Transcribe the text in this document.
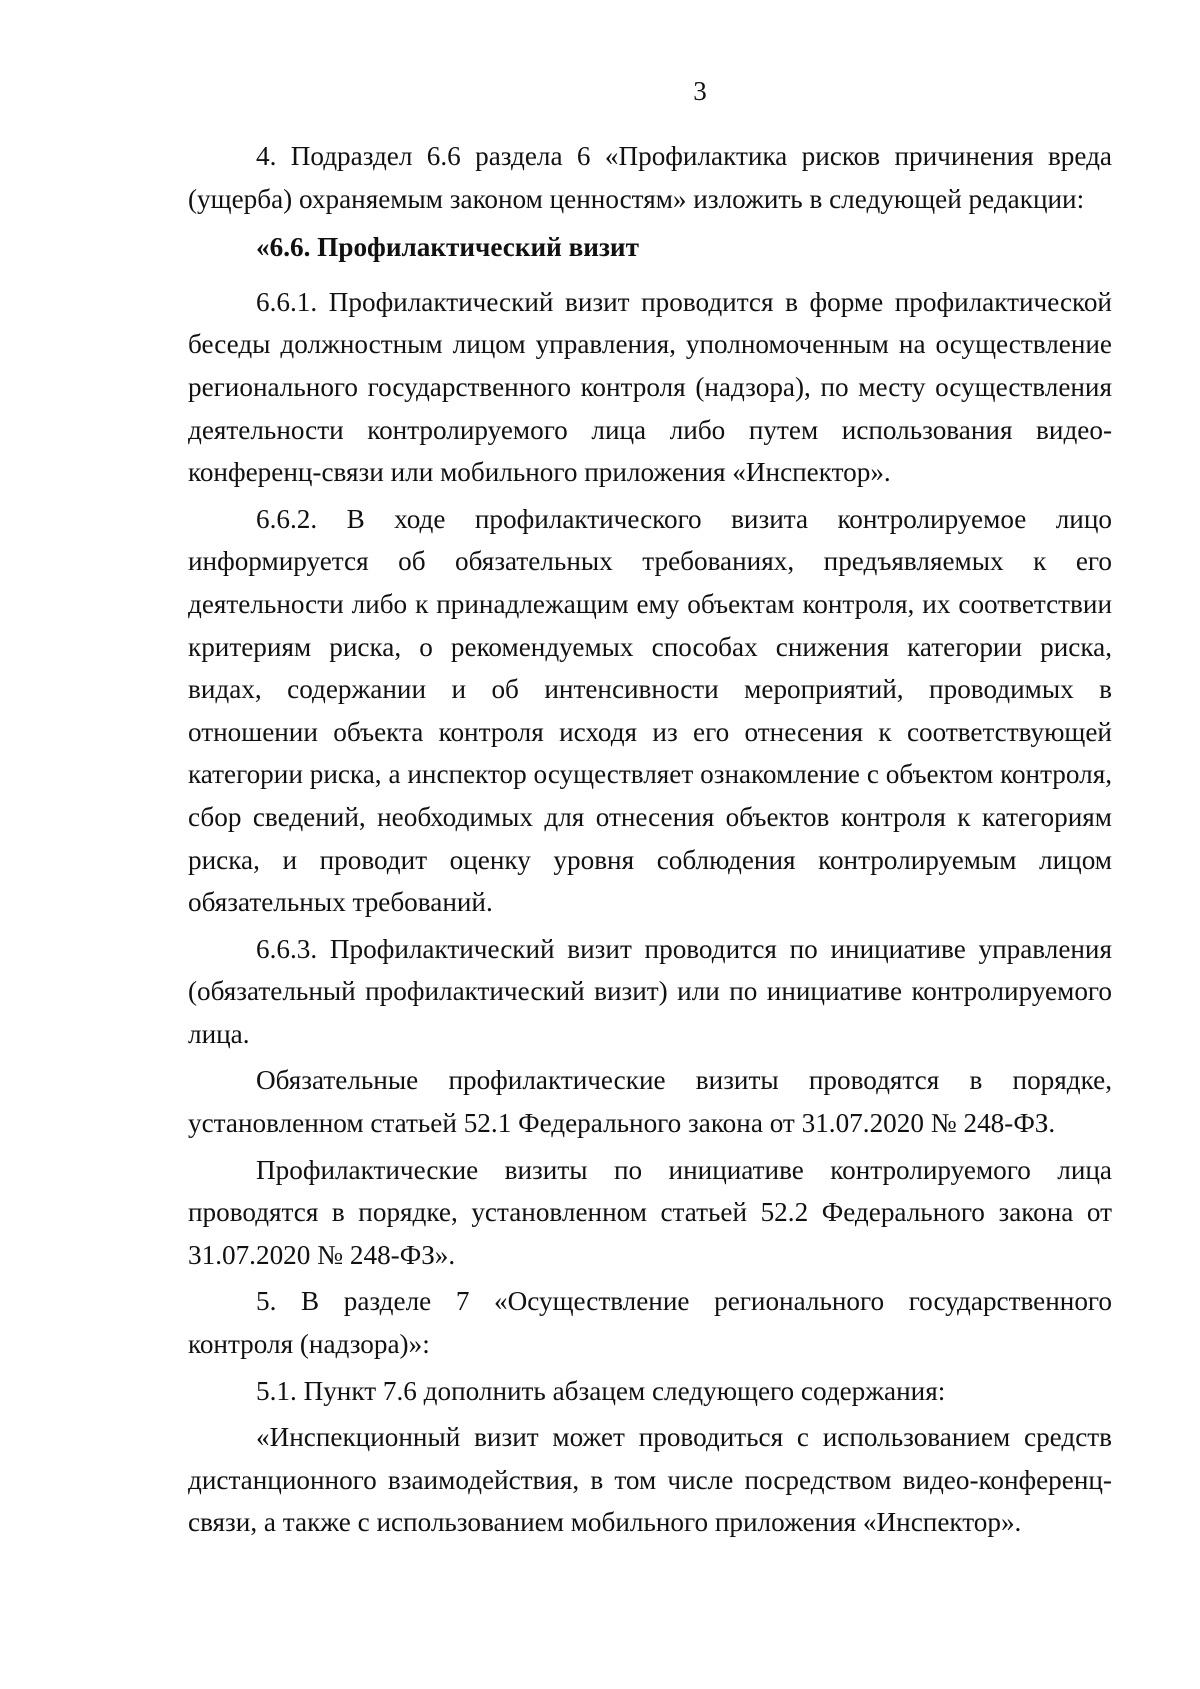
3

4. Подраздел 6.6 раздела 6 «Профилактика рисков причинения вреда (ущерба) охраняемым законом ценностям» изложить в следующей редакции:

«6.6. Профилактический визит

6.6.1. Профилактический визит проводится в форме профилактической беседы должностным лицом управления, уполномоченным на осуществление регионального государственного контроля (надзора), по месту осуществления деятельности контролируемого лица либо путем использования видео-конференц-связи или мобильного приложения «Инспектор».

6.6.2. В ходе профилактического визита контролируемое лицо информируется об обязательных требованиях, предъявляемых к его деятельности либо к принадлежащим ему объектам контроля, их соответствии критериям риска, о рекомендуемых способах снижения категории риска, видах, содержании и об интенсивности мероприятий, проводимых в отношении объекта контроля исходя из его отнесения к соответствующей категории риска, а инспектор осуществляет ознакомление с объектом контроля, сбор сведений, необходимых для отнесения объектов контроля к категориям риска, и проводит оценку уровня соблюдения контролируемым лицом обязательных требований.

6.6.3. Профилактический визит проводится по инициативе управления (обязательный профилактический визит) или по инициативе контролируемого лица.

Обязательные профилактические визиты проводятся в порядке, установленном статьей 52.1 Федерального закона от 31.07.2020 № 248-ФЗ.

Профилактические визиты по инициативе контролируемого лица проводятся в порядке, установленном статьей 52.2 Федерального закона от 31.07.2020 № 248-ФЗ».

5. В разделе 7 «Осуществление регионального государственного контроля (надзора)»:

5.1. Пункт 7.6 дополнить абзацем следующего содержания:

«Инспекционный визит может проводиться с использованием средств дистанционного взаимодействия, в том числе посредством видео-конференц-связи, а также с использованием мобильного приложения «Инспектор».
